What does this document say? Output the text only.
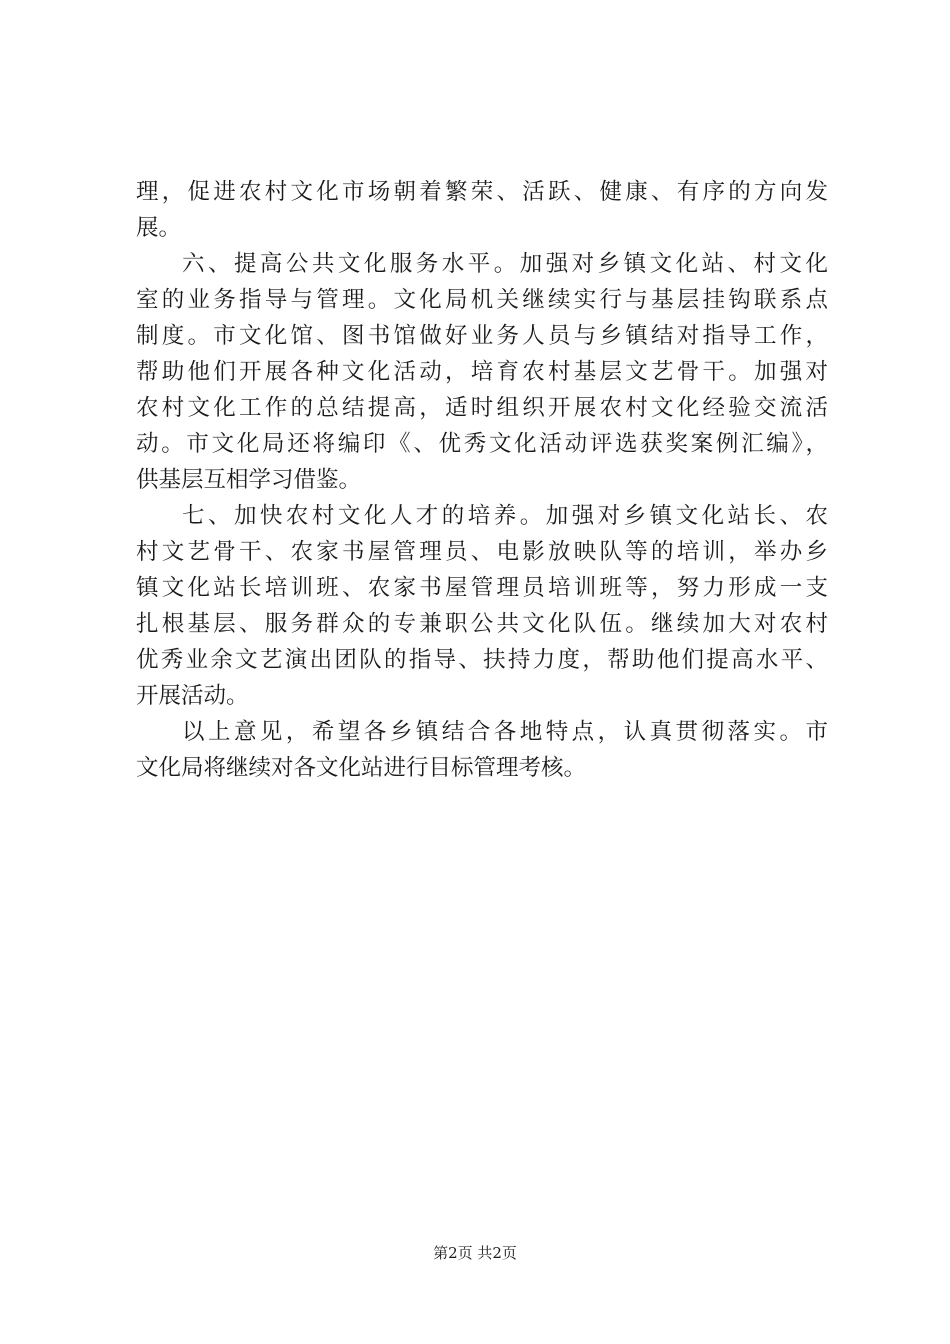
理，促进农村文化市场朝着繁荣、活跃、健康、有序的方向发
展。
六、提高公共文化服务水平。加强对乡镇文化站、村文化
室的业务指导与管理。文化局机关继续实行与基层挂钩联系点
制度。市文化馆、图书馆做好业务人员与乡镇结对指导工作，
帮助他们开展各种文化活动，培育农村基层文艺骨干。加强对
农村文化工作的总结提高，适时组织开展农村文化经验交流活
动。市文化局还将编印《、优秀文化活动评选获奖案例汇编》，
供基层互相学习借鉴。
七、加快农村文化人才的培养。加强对乡镇文化站长、农
村文艺骨干、农家书屋管理员、电影放映队等的培训，举办乡
镇文化站长培训班、农家书屋管理员培训班等，努力形成一支
扎根基层、服务群众的专兼职公共文化队伍。继续加大对农村
优秀业余文艺演出团队的指导、扶持力度，帮助他们提高水平、
开展活动。
以上意见，希望各乡镇结合各地特点，认真贯彻落实。市
文化局将继续对各文化站进行目标管理考核。
第2页 共2页
